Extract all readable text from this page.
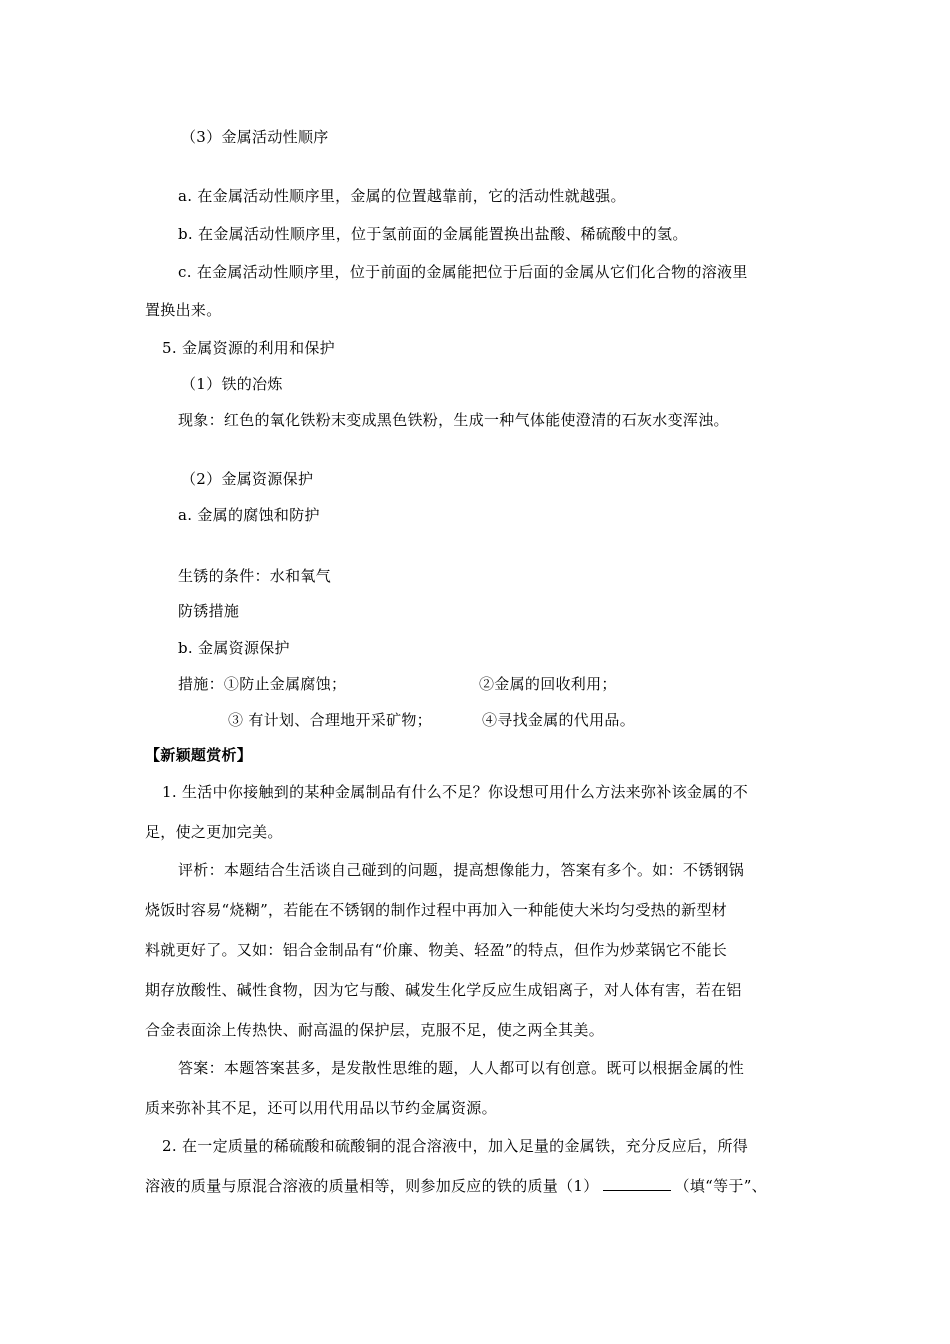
（3）金属活动性顺序
a. 在金属活动性顺序里，金属的位置越靠前，它的活动性就越强。
b. 在金属活动性顺序里，位于氢前面的金属能置换出盐酸、稀硫酸中的氢。
c. 在金属活动性顺序里，位于前面的金属能把位于后面的金属从它们化合物的溶液里
置换出来。
5. 金属资源的利用和保护
（1）铁的冶炼
现象：红色的氧化铁粉末变成黑色铁粉，生成一种气体能使澄清的石灰水变浑浊。
（2）金属资源保护
a. 金属的腐蚀和防护
生锈的条件：水和氧气
防锈措施
b. 金属资源保护
措施：①防止金属腐蚀；	②金属的回收利用；
③ 有计划、合理地开采矿物；	④寻找金属的代用品。
【新颖题赏析】
1. 生活中你接触到的某种金属制品有什么不足？你设想可用什么方法来弥补该金属的不
足，使之更加完美。
评析：本题结合生活谈自己碰到的问题，提高想像能力，答案有多个。如：不锈钢锅
烧饭时容易“烧糊”，若能在不锈钢的制作过程中再加入一种能使大米均匀受热的新型材
料就更好了。又如：铝合金制品有“价廉、物美、轻盈”的特点，但作为炒菜锅它不能长
期存放酸性、碱性食物，因为它与酸、碱发生化学反应生成铝离子，对人体有害，若在铝
合金表面涂上传热快、耐高温的保护层，克服不足，使之两全其美。
答案：本题答案甚多，是发散性思维的题，人人都可以有创意。既可以根据金属的性
质来弥补其不足，还可以用代用品以节约金属资源。
2. 在一定质量的稀硫酸和硫酸铜的混合溶液中，加入足量的金属铁，充分反应后，所得
溶液的质量与原混合溶液的质量相等，则参加反应的铁的质量（1）	（填“等于”、
